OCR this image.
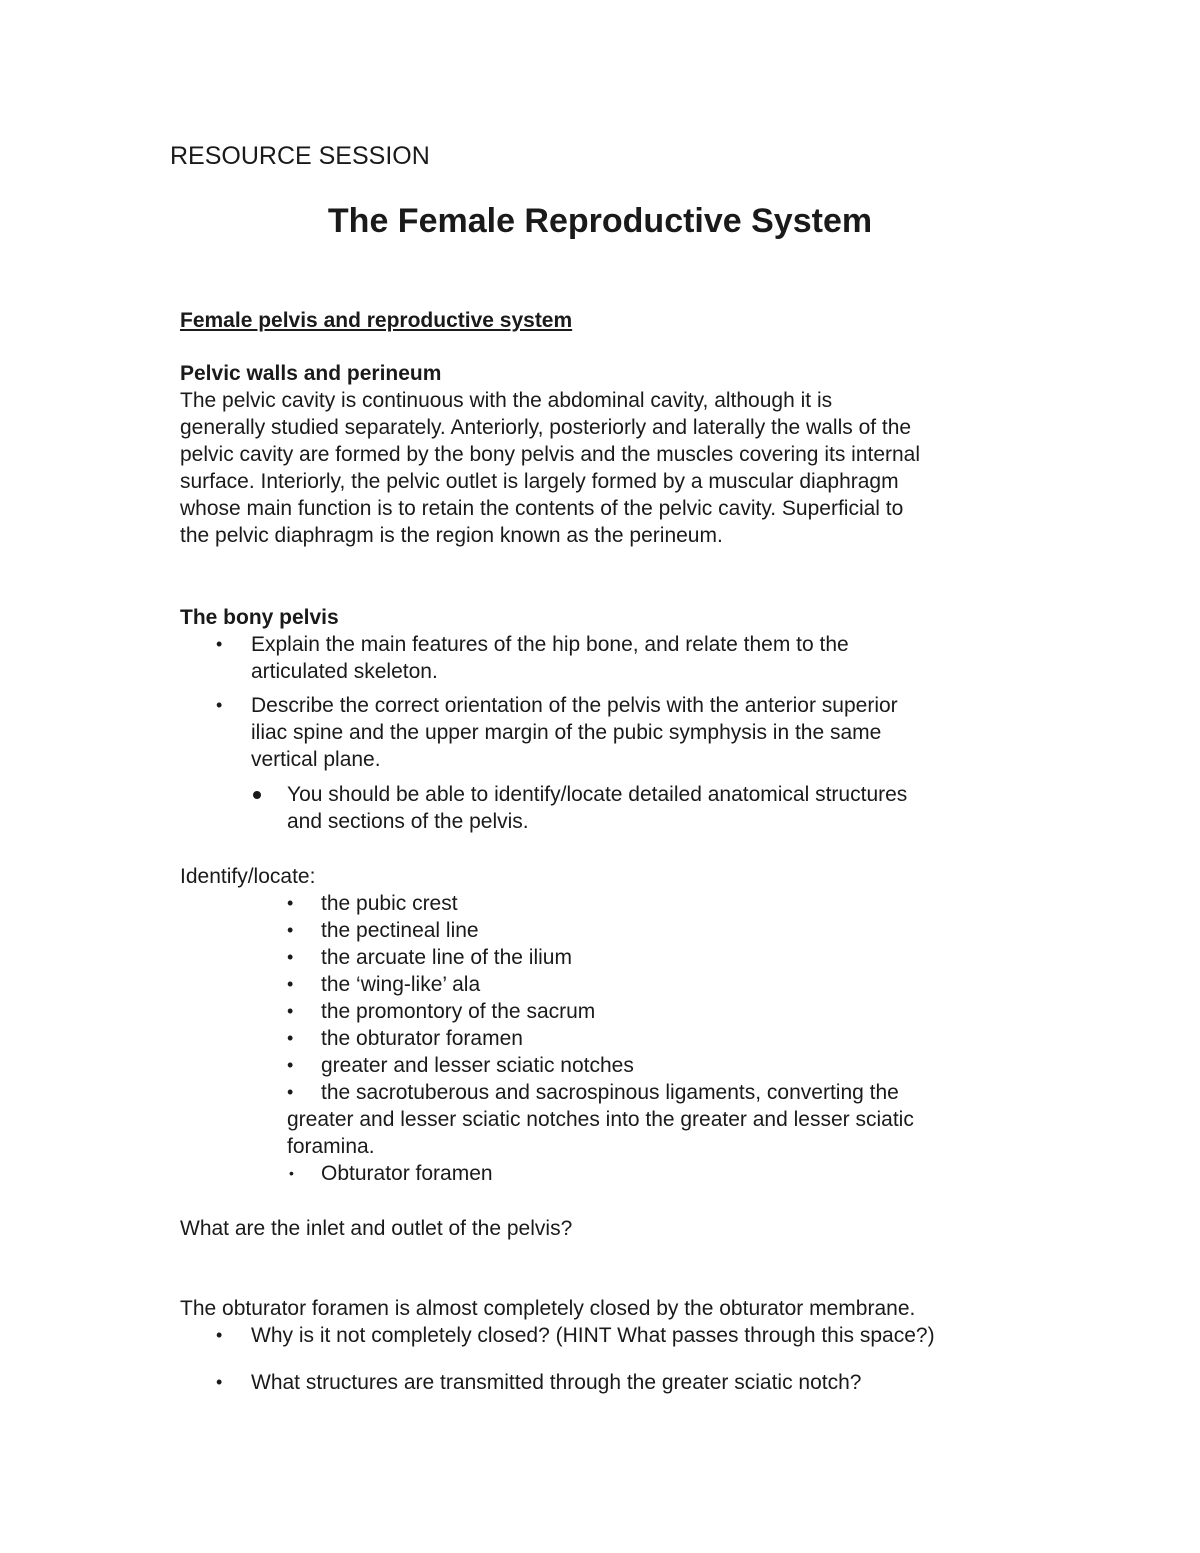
RESOURCE SESSION
The Female Reproductive System
Female pelvis and reproductive system
Pelvic walls and perineum
The pelvic cavity is continuous with the abdominal cavity, although it is
generally studied separately. Anteriorly, posteriorly and laterally the walls of the
pelvic cavity are formed by the bony pelvis and the muscles covering its internal
surface. Interiorly, the pelvic outlet is largely formed by a muscular diaphragm
whose main function is to retain the contents of the pelvic cavity. Superficial to
the pelvic diaphragm is the region known as the perineum.
The bony pelvis
• Explain the main features of the hip bone, and relate them to the
articulated skeleton.
• Describe the correct orientation of the pelvis with the anterior superior
iliac spine and the upper margin of the pubic symphysis in the same
vertical plane.
You should be able to identify/locate detailed anatomical structures
and sections of the pelvis.
Identify/locate:
• the pubic crest
• the pectineal line
• the arcuate line of the ilium
• the ‘wing-like’ ala
• the promontory of the sacrum
• the obturator foramen
• greater and lesser sciatic notches
• the sacrotuberous and sacrospinous ligaments, converting the
greater and lesser sciatic notches into the greater and lesser sciatic
foramina.
• Obturator foramen
What are the inlet and outlet of the pelvis?
The obturator foramen is almost completely closed by the obturator membrane.
• Why is it not completely closed? (HINT What passes through this space?)
• What structures are transmitted through the greater sciatic notch?
